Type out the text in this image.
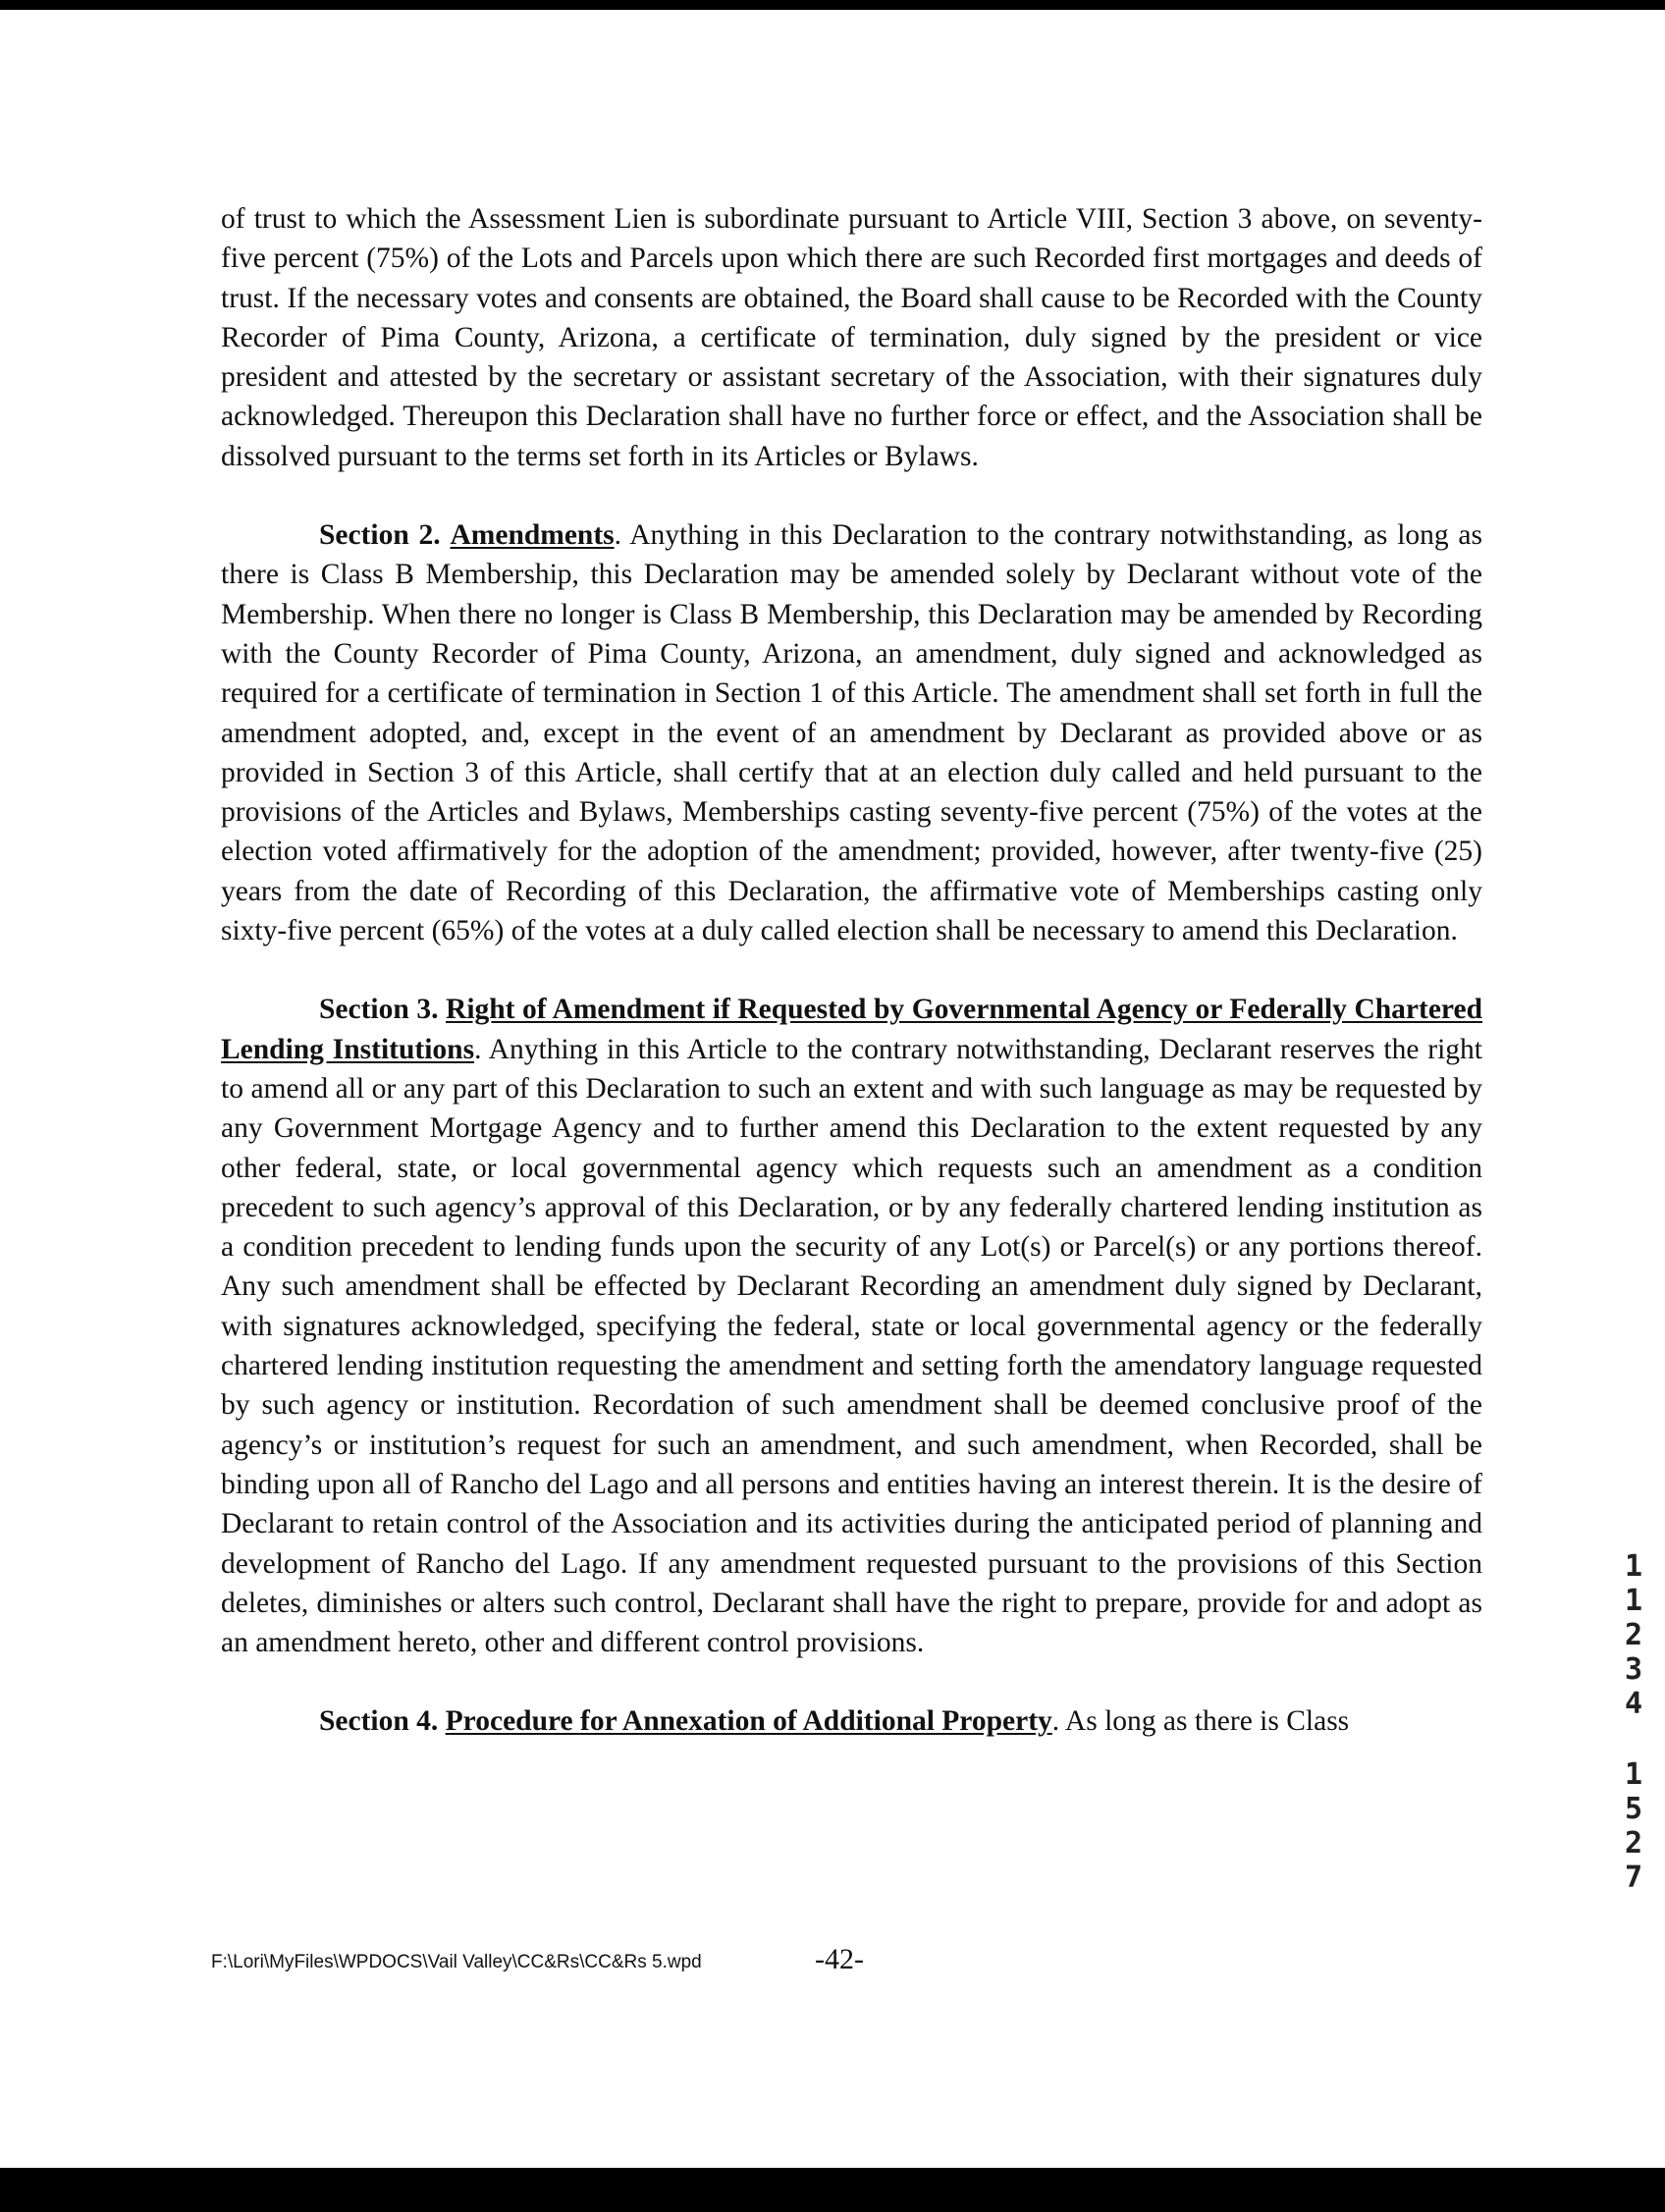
of trust to which the Assessment Lien is subordinate pursuant to Article VIII, Section 3 above, on seventy-five percent (75%) of the Lots and Parcels upon which there are such Recorded first mortgages and deeds of trust. If the necessary votes and consents are obtained, the Board shall cause to be Recorded with the County Recorder of Pima County, Arizona, a certificate of termination, duly signed by the president or vice president and attested by the secretary or assistant secretary of the Association, with their signatures duly acknowledged. Thereupon this Declaration shall have no further force or effect, and the Association shall be dissolved pursuant to the terms set forth in its Articles or Bylaws.

Section 2. Amendments. Anything in this Declaration to the contrary notwithstanding, as long as there is Class B Membership, this Declaration may be amended solely by Declarant without vote of the Membership. When there no longer is Class B Membership, this Declaration may be amended by Recording with the County Recorder of Pima County, Arizona, an amendment, duly signed and acknowledged as required for a certificate of termination in Section 1 of this Article. The amendment shall set forth in full the amendment adopted, and, except in the event of an amendment by Declarant as provided above or as provided in Section 3 of this Article, shall certify that at an election duly called and held pursuant to the provisions of the Articles and Bylaws, Memberships casting seventy-five percent (75%) of the votes at the election voted affirmatively for the adoption of the amendment; provided, however, after twenty-five (25) years from the date of Recording of this Declaration, the affirmative vote of Memberships casting only sixty-five percent (65%) of the votes at a duly called election shall be necessary to amend this Declaration.

Section 3. Right of Amendment if Requested by Governmental Agency or Federally Chartered Lending Institutions. Anything in this Article to the contrary notwithstanding, Declarant reserves the right to amend all or any part of this Declaration to such an extent and with such language as may be requested by any Government Mortgage Agency and to further amend this Declaration to the extent requested by any other federal, state, or local governmental agency which requests such an amendment as a condition precedent to such agency’s approval of this Declaration, or by any federally chartered lending institution as a condition precedent to lending funds upon the security of any Lot(s) or Parcel(s) or any portions thereof. Any such amendment shall be effected by Declarant Recording an amendment duly signed by Declarant, with signatures acknowledged, specifying the federal, state or local governmental agency or the federally chartered lending institution requesting the amendment and setting forth the amendatory language requested by such agency or institution. Recordation of such amendment shall be deemed conclusive proof of the agency’s or institution’s request for such an amendment, and such amendment, when Recorded, shall be binding upon all of Rancho del Lago and all persons and entities having an interest therein. It is the desire of Declarant to retain control of the Association and its activities during the anticipated period of planning and development of Rancho del Lago. If any amendment requested pursuant to the provisions of this Section deletes, diminishes or alters such control, Declarant shall have the right to prepare, provide for and adopt as an amendment hereto, other and different control provisions.

Section 4. Procedure for Annexation of Additional Property. As long as there is Class

F:\Lori\MyFiles\WPDOCS\Vail Valley\CC&Rs\CC&Rs 5.wpd	-42-
1
1
2
3
4
1
5
2
7
